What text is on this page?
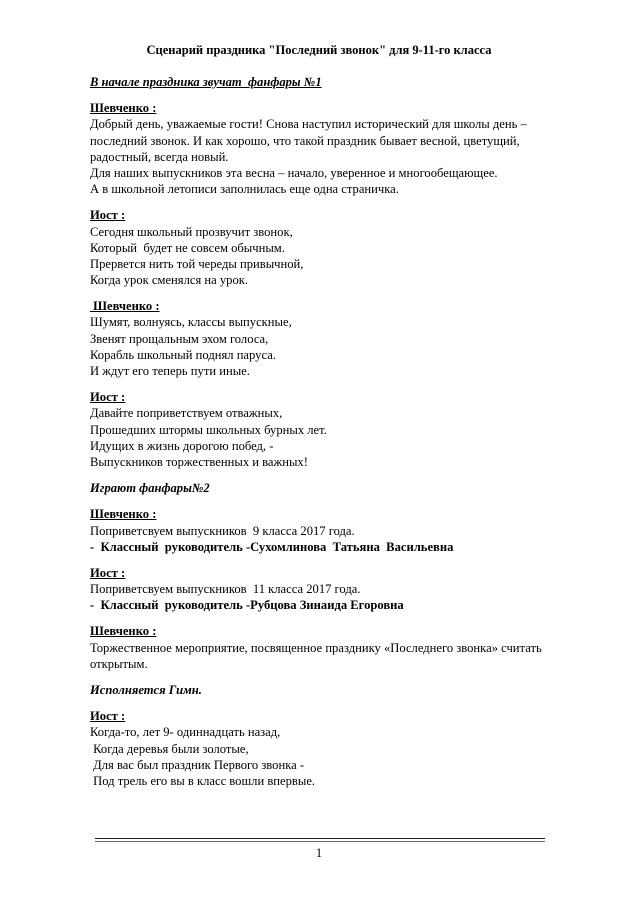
Сценарий праздника "Последний звонок" для 9-11-го класса
В начале праздника звучат  фанфары №1
Шевченко :
Добрый день, уважаемые гости! Снова наступил исторический для школы день –
последний звонок. И как хорошо, что такой праздник бывает весной, цветущий,
радостный, всегда новый.
Для наших выпускников эта весна – начало, уверенное и многообещающее.
А в школьной летописи заполнилась еще одна страничка.
Иост :
Сегодня школьный прозвучит звонок,
Который  будет не совсем обычным.
Прервется нить той череды привычной,
Когда урок сменялся на урок.
Шевченко :
Шумят, волнуясь, классы выпускные,
Звенят прощальным эхом голоса,
Корабль школьный поднял паруса.
И ждут его теперь пути иные.
Иост :
Давайте поприветствуем отважных,
Прошедших штормы школьных бурных лет.
Идущих в жизнь дорогою побед, -
Выпускников торжественных и важных!
Играют фанфары№2
Шевченко :
Поприветсвуем выпускников  9 класса 2017 года.
-  Классный  руководитель -Сухомлинова  Татьяна  Васильевна
Иост :
Поприветсвуем выпускников  11 класса 2017 года.
-  Классный  руководитель -Рубцова Зинаида Егоровна
Шевченко :
Торжественное мероприятие, посвященное празднику «Последнего звонка» считать
открытым.
Исполняется Гимн.
Иост :
Когда-то, лет 9- одиннадцать назад,
Когда деревья были золотые,
Для вас был праздник Первого звонка -
Под трель его вы в класс вошли впервые.
1
